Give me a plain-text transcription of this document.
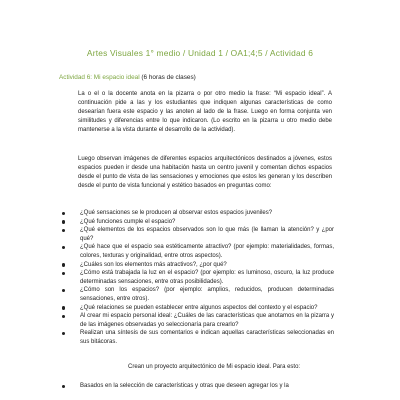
Artes Visuales 1° medio / Unidad 1 / OA1;4;5 / Actividad 6
Actividad 6: Mi espacio ideal (6 horas de clases)
La o el o la docente anota en la pizarra o por otro medio la frase: “Mi espacio ideal”. A continuación pide a las y los estudiantes que indiquen algunas características de como desearían fuera este espacio y las anoten al lado de la frase. Luego en forma conjunta ven similitudes y diferencias entre lo que indicaron. (Lo escrito en la pizarra u otro medio debe mantenerse a la vista durante el desarrollo de la actividad).
Luego observan imágenes de diferentes espacios arquitectónicos destinados a jóvenes, estos espacios pueden ir desde una habitación hasta un centro juvenil y comentan dichos espacios desde el punto de vista de las sensaciones y emociones que estos les generan y los describen desde el punto de vista funcional y estético basados en preguntas como:
¿Qué sensaciones se le producen al observar estos espacios juveniles?
¿Qué funciones cumple el espacio?
¿Qué elementos de los espacios observados son lo que más (le llaman la atención? y ¿por qué?
¿Qué hace que el espacio sea estéticamente atractivo? (por ejemplo: materialidades, formas, colores, texturas y originalidad, entre otros aspectos).
¿Cuáles son los elementos más atractivos?, ¿por qué?
¿Cómo está trabajada la luz en el espacio? (por ejemplo: es luminoso, oscuro, la luz produce determinadas sensaciones, entre otras posibilidades).
¿Cómo son los espacios? (por ejemplo: amplios, reducidos, producen determinadas sensaciones, entre otros).
¿Qué relaciones se pueden establecer entre algunos aspectos del contexto y el espacio?
Al crear mi espacio personal ideal: ¿Cuáles de las características que anotamos en la pizarra y de las imágenes observadas yo seleccionaría para crearlo?
Realizan una síntesis de sus comentarios e indican aquellas características seleccionadas en sus bitácoras.
Crean un proyecto arquitectónico de Mi espacio ideal. Para esto:
Basados en la selección de características y otras que deseen agregar los y la
